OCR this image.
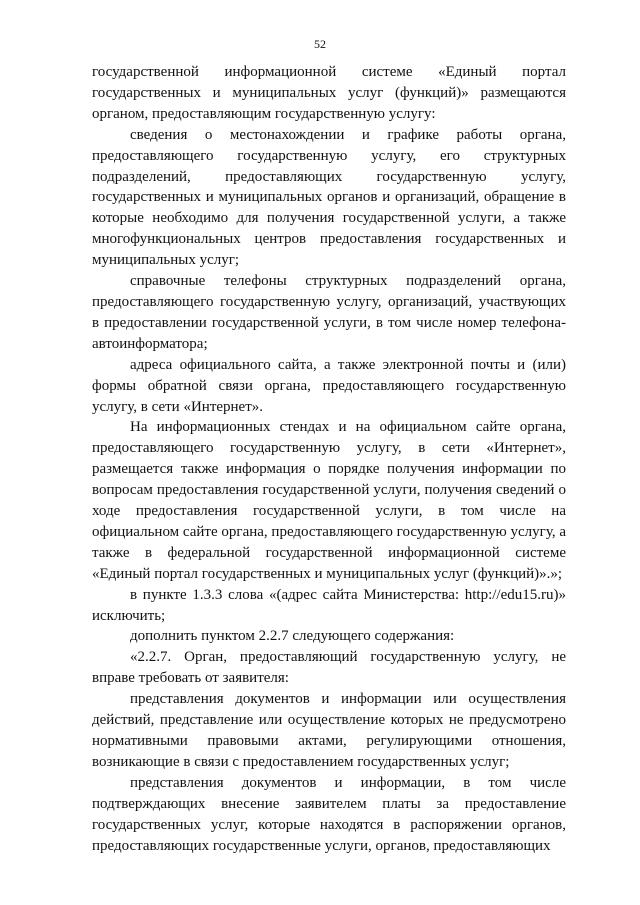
52

государственной информационной системе «Единый портал государственных и муниципальных услуг (функций)» размещаются органом, предоставляющим государственную услугу:

сведения о местонахождении и графике работы органа, предоставляющего государственную услугу, его структурных подразделений, предоставляющих государственную услугу, государственных и муниципальных органов и организаций, обращение в которые необходимо для получения государственной услуги, а также многофункциональных центров предоставления государственных и муниципальных услуг;

справочные телефоны структурных подразделений органа, предоставляющего государственную услугу, организаций, участвующих в предоставлении государственной услуги, в том числе номер телефона-автоинформатора;

адреса официального сайта, а также электронной почты и (или) формы обратной связи органа, предоставляющего государственную услугу, в сети «Интернет».

На информационных стендах и на официальном сайте органа, предоставляющего государственную услугу, в сети «Интернет», размещается также информация о порядке получения информации по вопросам предоставления государственной услуги, получения сведений о ходе предоставления государственной услуги, в том числе на официальном сайте органа, предоставляющего государственную услугу, а также в федеральной государственной информационной системе «Единый портал государственных и муниципальных услуг (функций)».»;

в пункте 1.3.3 слова «(адрес сайта Министерства: http://edu15.ru)» исключить;

дополнить пунктом 2.2.7 следующего содержания:

«2.2.7. Орган, предоставляющий государственную услугу, не вправе требовать от заявителя:

представления документов и информации или осуществления действий, представление или осуществление которых не предусмотрено нормативными правовыми актами, регулирующими отношения, возникающие в связи с предоставлением государственных услуг;

представления документов и информации, в том числе подтверждающих внесение заявителем платы за предоставление государственных услуг, которые находятся в распоряжении органов, предоставляющих государственные услуги, органов, предоставляющих
